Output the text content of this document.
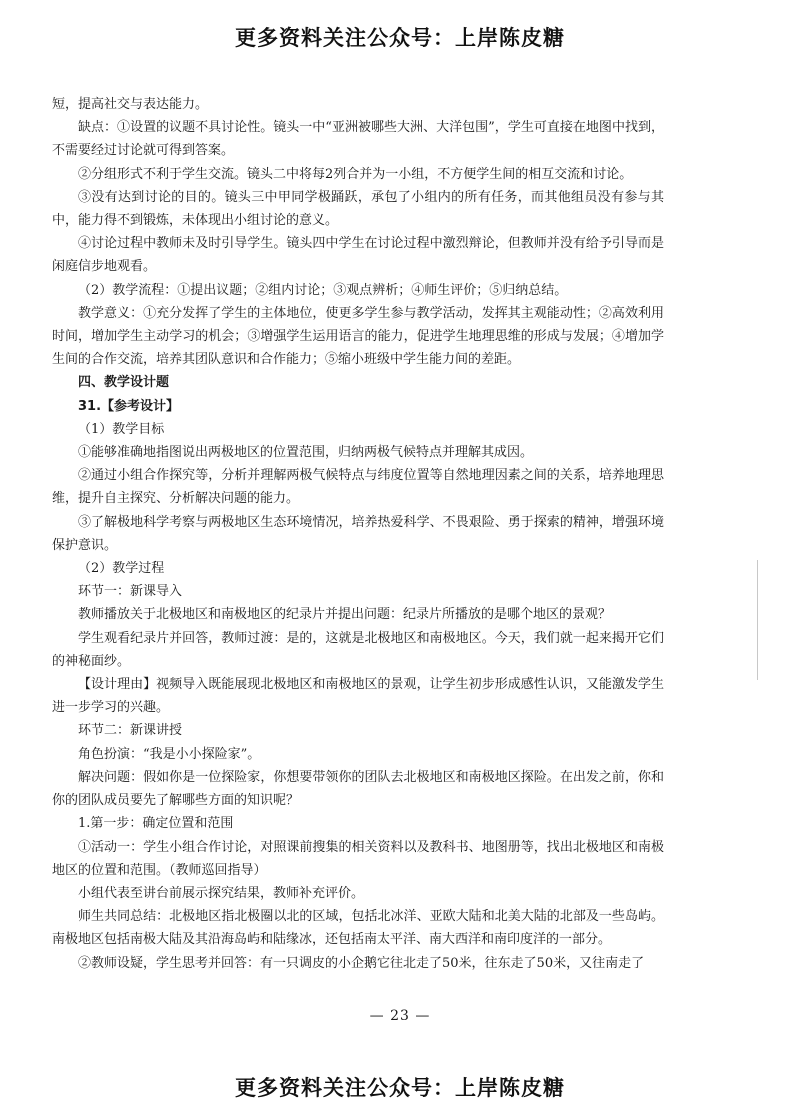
更多资料关注公众号：上岸陈皮糖

短，提高社交与表达能力。

缺点：①设置的议题不具讨论性。镜头一中“亚洲被哪些大洲、大洋包围”，学生可直接在地图中找到，不需要经过讨论就可得到答案。

②分组形式不利于学生交流。镜头二中将每2列合并为一小组，不方便学生间的相互交流和讨论。

③没有达到讨论的目的。镜头三中甲同学极踊跃，承包了小组内的所有任务，而其他组员没有参与其中，能力得不到锻炼，未体现出小组讨论的意义。

④讨论过程中教师未及时引导学生。镜头四中学生在讨论过程中激烈辩论，但教师并没有给予引导而是闲庭信步地观看。

（2）教学流程：①提出议题；②组内讨论；③观点辨析；④师生评价；⑤归纳总结。

教学意义：①充分发挥了学生的主体地位，使更多学生参与教学活动，发挥其主观能动性；②高效利用时间，增加学生主动学习的机会；③增强学生运用语言的能力，促进学生地理思维的形成与发展；④增加学生间的合作交流，培养其团队意识和合作能力；⑤缩小班级中学生能力间的差距。

四、教学设计题

31.【参考设计】

（1）教学目标

①能够准确地指图说出两极地区的位置范围，归纳两极气候特点并理解其成因。

②通过小组合作探究等，分析并理解两极气候特点与纬度位置等自然地理因素之间的关系，培养地理思维，提升自主探究、分析解决问题的能力。

③了解极地科学考察与两极地区生态环境情况，培养热爱科学、不畏艰险、勇于探索的精神，增强环境保护意识。

（2）教学过程

环节一：新课导入

教师播放关于北极地区和南极地区的纪录片并提出问题：纪录片所播放的是哪个地区的景观？

学生观看纪录片并回答，教师过渡：是的，这就是北极地区和南极地区。今天，我们就一起来揭开它们的神秘面纱。

【设计理由】视频导入既能展现北极地区和南极地区的景观，让学生初步形成感性认识，又能激发学生进一步学习的兴趣。

环节二：新课讲授

角色扮演：“我是小小探险家”。

解决问题：假如你是一位探险家，你想要带领你的团队去北极地区和南极地区探险。在出发之前，你和你的团队成员要先了解哪些方面的知识呢？

1.第一步：确定位置和范围

①活动一：学生小组合作讨论，对照课前搜集的相关资料以及教科书、地图册等，找出北极地区和南极地区的位置和范围。（教师巡回指导）

小组代表至讲台前展示探究结果，教师补充评价。

师生共同总结：北极地区指北极圈以北的区域，包括北冰洋、亚欧大陆和北美大陆的北部及一些岛屿。南极地区包括南极大陆及其沿海岛屿和陆缘冰，还包括南太平洋、南大西洋和南印度洋的一部分。

②教师设疑，学生思考并回答：有一只调皮的小企鹅它往北走了50米，往东走了50米，又往南走了

— 23 —
更多资料关注公众号：上岸陈皮糖
